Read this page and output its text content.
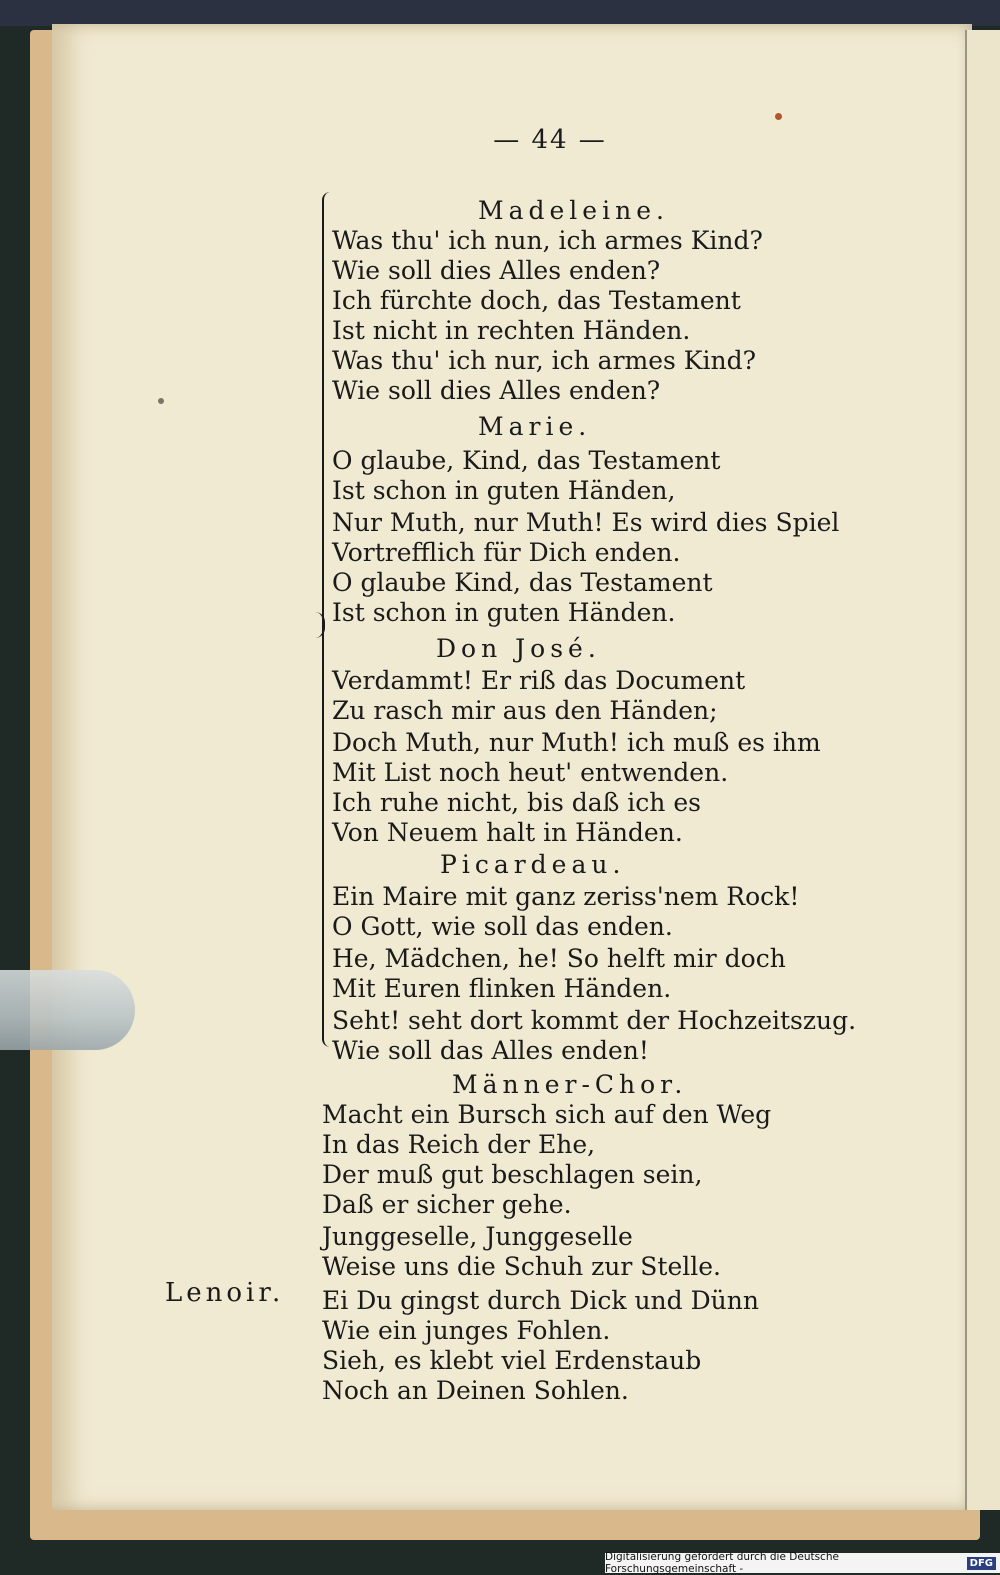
— 44 —
Madeleine.
Was thu' ich nun, ich armes Kind?
Wie soll dies Alles enden?
Ich fürchte doch, das Testament
Ist nicht in rechten Händen.
Was thu' ich nur, ich armes Kind?
Wie soll dies Alles enden?
Marie.
O glaube, Kind, das Testament
Ist schon in guten Händen,
Nur Muth, nur Muth! Es wird dies Spiel
Vortrefflich für Dich enden.
O glaube Kind, das Testament
Ist schon in guten Händen.
Don José.
Verdammt! Er riß das Document
Zu rasch mir aus den Händen;
Doch Muth, nur Muth! ich muß es ihm
Mit List noch heut' entwenden.
Ich ruhe nicht, bis daß ich es
Von Neuem halt in Händen.
Picardeau.
Ein Maire mit ganz zeriss'nem Rock!
O Gott, wie soll das enden.
He, Mädchen, he! So helft mir doch
Mit Euren flinken Händen.
Seht! seht dort kommt der Hochzeitszug.
Wie soll das Alles enden!
Männer-Chor.
Macht ein Bursch sich auf den Weg
In das Reich der Ehe,
Der muß gut beschlagen sein,
Daß er sicher gehe.
Junggeselle, Junggeselle
Weise uns die Schuh zur Stelle.
Ei Du gingst durch Dick und Dünn
Wie ein junges Fohlen.
Sieh, es klebt viel Erdenstaub
Noch an Deinen Sohlen.
Lenoir.
Digitalisierung gefördert durch die Deutsche Forschungsgemeinschaft -	DFG
